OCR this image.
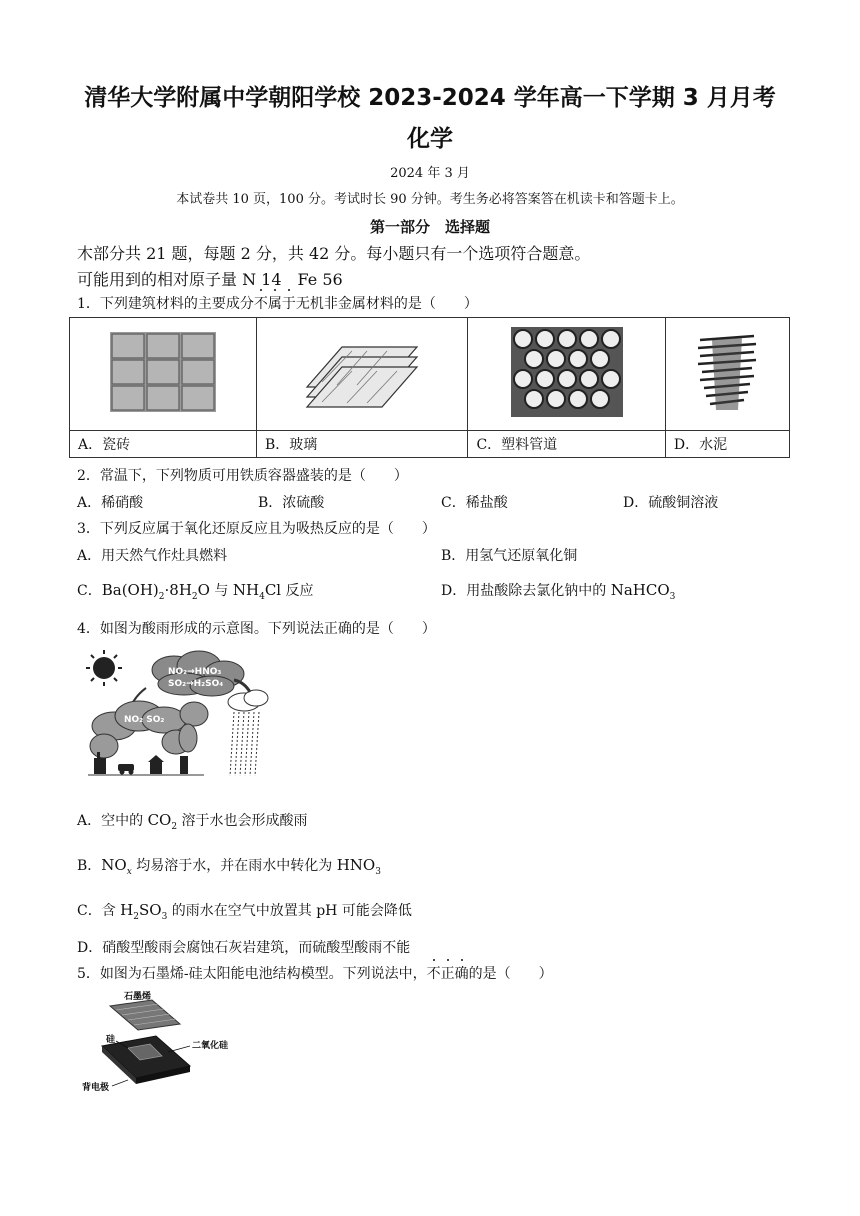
清华大学附属中学朝阳学校 2023-2024 学年高一下学期 3 月月考
化学
2024 年 3 月
本试卷共 10 页，100 分。考试时长 90 分钟。考生务必将答案答在机读卡和答题卡上。
第一部分　选择题
木部分共 21 题，每题 2 分，共 42 分。每小题只有一个选项符合题意。
可能用到的相对原子量 N 14　Fe 56
1．下列建筑材料的主要成分不属于无机非金属材料的是（　　）

A．瓷砖	B．玻璃	C．塑料管道	D．水泥
2．常温下，下列物质可用铁质容器盛装的是（　　）
A．稀硝酸	B．浓硫酸	C．稀盐酸	D．硫酸铜溶液
3．下列反应属于氧化还原反应且为吸热反应的是（　　）
A．用天然气作灶具燃料	B．用氢气还原氧化铜
C．$Ba(OH)_2\cdot 8H_2O$ 与 $NH_4Cl$ 反应	D．用盐酸除去氯化钠中的 NaHCO$_3$
4．如图为酸雨形成的示意图。下列说法正确的是（　　）
NO₂→HNO₃
SO₂→H₂SO₄
NO₂ SO₂
A．空中的 $CO_2$ 溶于水也会形成酸雨
B．$NO_x$ 均易溶于水，并在雨水中转化为 $HNO_3$
C．含 $H_2SO_3$ 的雨水在空气中放置其 pH 可能会降低
D．硝酸型酸雨会腐蚀石灰岩建筑，而硫酸型酸雨不能
5．如图为石墨烯-硅太阳能电池结构模型。下列说法中，不正确的是（　　）
石墨烯
硅
二氧化硅
背电极
